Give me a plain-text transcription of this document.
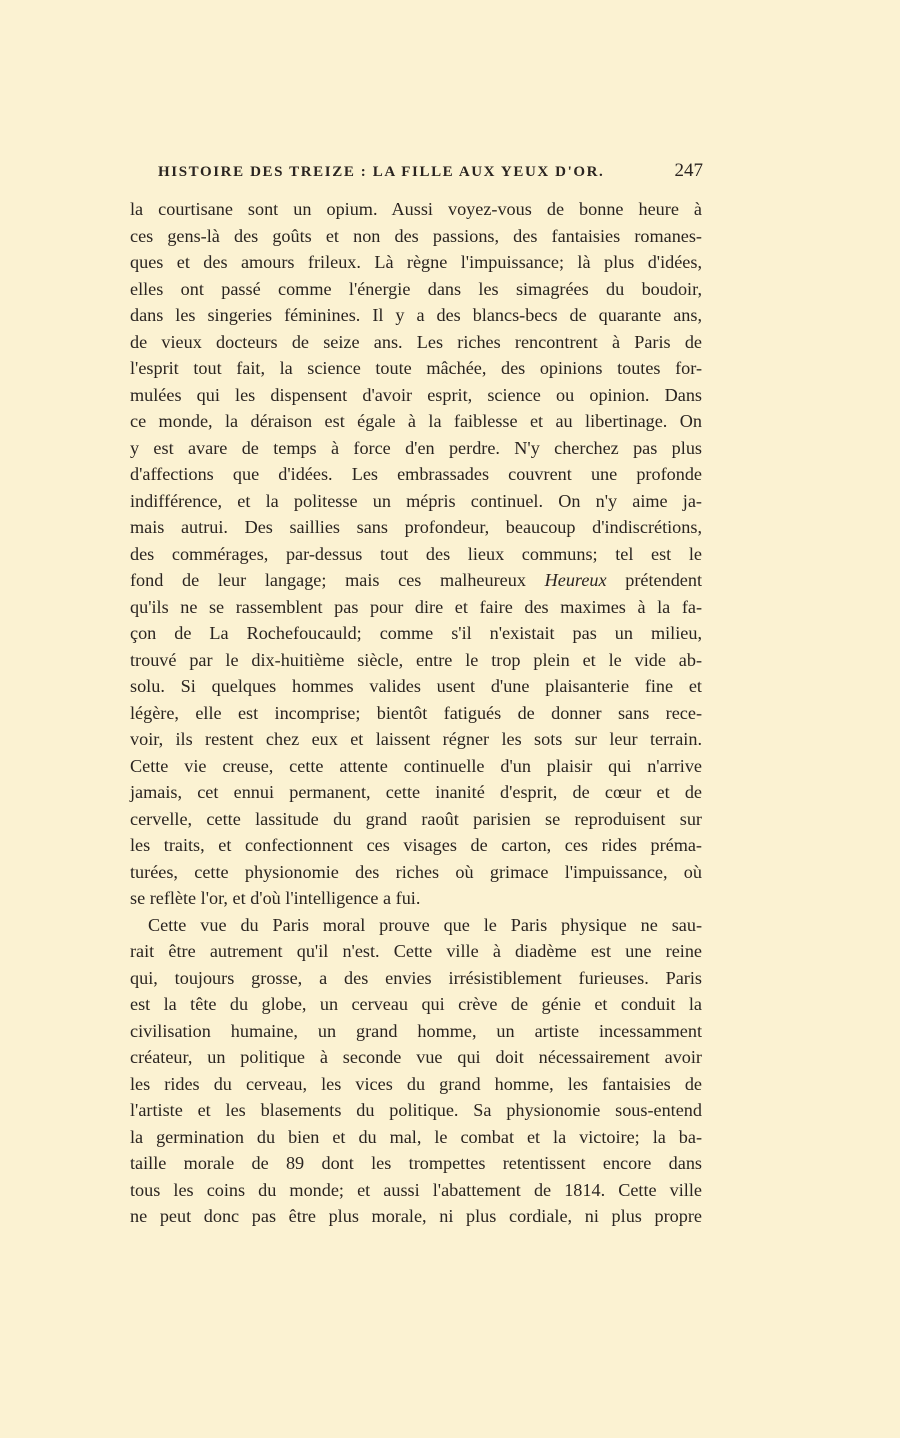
HISTOIRE DES TREIZE : LA FILLE AUX YEUX D'OR.	247
la courtisane sont un opium. Aussi voyez-vous de bonne heure à
ces gens-là des goûts et non des passions, des fantaisies romanes-
ques et des amours frileux. Là règne l'impuissance; là plus d'idées,
elles ont passé comme l'énergie dans les simagrées du boudoir,
dans les singeries féminines. Il y a des blancs-becs de quarante ans,
de vieux docteurs de seize ans. Les riches rencontrent à Paris de
l'esprit tout fait, la science toute mâchée, des opinions toutes for-
mulées qui les dispensent d'avoir esprit, science ou opinion. Dans
ce monde, la déraison est égale à la faiblesse et au libertinage. On
y est avare de temps à force d'en perdre. N'y cherchez pas plus
d'affections que d'idées. Les embrassades couvrent une profonde
indifférence, et la politesse un mépris continuel. On n'y aime ja-
mais autrui. Des saillies sans profondeur, beaucoup d'indiscrétions,
des commérages, par-dessus tout des lieux communs; tel est le
fond de leur langage; mais ces malheureux Heureux prétendent
qu'ils ne se rassemblent pas pour dire et faire des maximes à la fa-
çon de La Rochefoucauld; comme s'il n'existait pas un milieu,
trouvé par le dix-huitième siècle, entre le trop plein et le vide ab-
solu. Si quelques hommes valides usent d'une plaisanterie fine et
légère, elle est incomprise; bientôt fatigués de donner sans rece-
voir, ils restent chez eux et laissent régner les sots sur leur terrain.
Cette vie creuse, cette attente continuelle d'un plaisir qui n'arrive
jamais, cet ennui permanent, cette inanité d'esprit, de cœur et de
cervelle, cette lassitude du grand raoût parisien se reproduisent sur
les traits, et confectionnent ces visages de carton, ces rides préma-
turées, cette physionomie des riches où grimace l'impuissance, où
se reflète l'or, et d'où l'intelligence a fui.
Cette vue du Paris moral prouve que le Paris physique ne sau-
rait être autrement qu'il n'est. Cette ville à diadème est une reine
qui, toujours grosse, a des envies irrésistiblement furieuses. Paris
est la tête du globe, un cerveau qui crève de génie et conduit la
civilisation humaine, un grand homme, un artiste incessamment
créateur, un politique à seconde vue qui doit nécessairement avoir
les rides du cerveau, les vices du grand homme, les fantaisies de
l'artiste et les blasements du politique. Sa physionomie sous-entend
la germination du bien et du mal, le combat et la victoire; la ba-
taille morale de 89 dont les trompettes retentissent encore dans
tous les coins du monde; et aussi l'abattement de 1814. Cette ville
ne peut donc pas être plus morale, ni plus cordiale, ni plus propre
